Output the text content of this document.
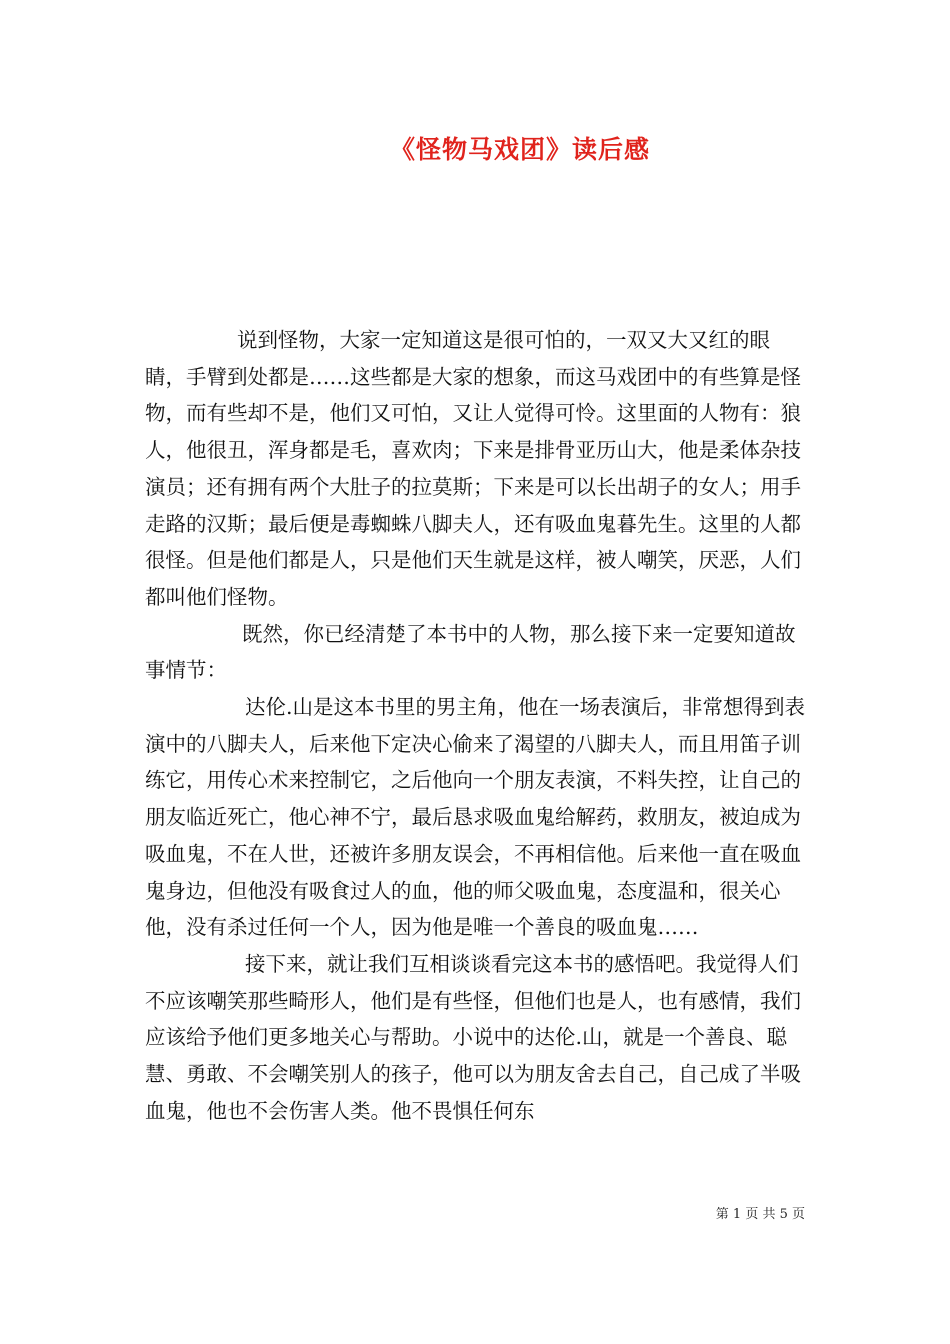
《怪物马戏团》读后感

说到怪物，大家一定知道这是很可怕的，一双又大又红的眼睛，手臂到处都是……这些都是大家的想象，而这马戏团中的有些算是怪物，而有些却不是，他们又可怕，又让人觉得可怜。这里面的人物有：狼人，他很丑，浑身都是毛，喜欢肉；下来是排骨亚历山大，他是柔体杂技演员；还有拥有两个大肚子的拉莫斯；下来是可以长出胡子的女人；用手走路的汉斯；最后便是毒蜘蛛八脚夫人，还有吸血鬼暮先生。这里的人都很怪。但是他们都是人，只是他们天生就是这样，被人嘲笑，厌恶，人们都叫他们怪物。

既然，你已经清楚了本书中的人物，那么接下来一定要知道故事情节：

达伦.山是这本书里的男主角，他在一场表演后，非常想得到表演中的八脚夫人，后来他下定决心偷来了渴望的八脚夫人，而且用笛子训练它，用传心术来控制它，之后他向一个朋友表演，不料失控，让自己的朋友临近死亡，他心神不宁，最后恳求吸血鬼给解药，救朋友，被迫成为吸血鬼，不在人世，还被许多朋友误会，不再相信他。后来他一直在吸血鬼身边，但他没有吸食过人的血，他的师父吸血鬼，态度温和，很关心他，没有杀过任何一个人，因为他是唯一个善良的吸血鬼……

接下来，就让我们互相谈谈看完这本书的感悟吧。我觉得人们不应该嘲笑那些畸形人，他们是有些怪，但他们也是人，也有感情，我们应该给予他们更多地关心与帮助。小说中的达伦.山，就是一个善良、聪慧、勇敢、不会嘲笑别人的孩子，他可以为朋友舍去自己，自己成了半吸血鬼，他也不会伤害人类。他不畏惧任何东

第 1 页 共 5 页
